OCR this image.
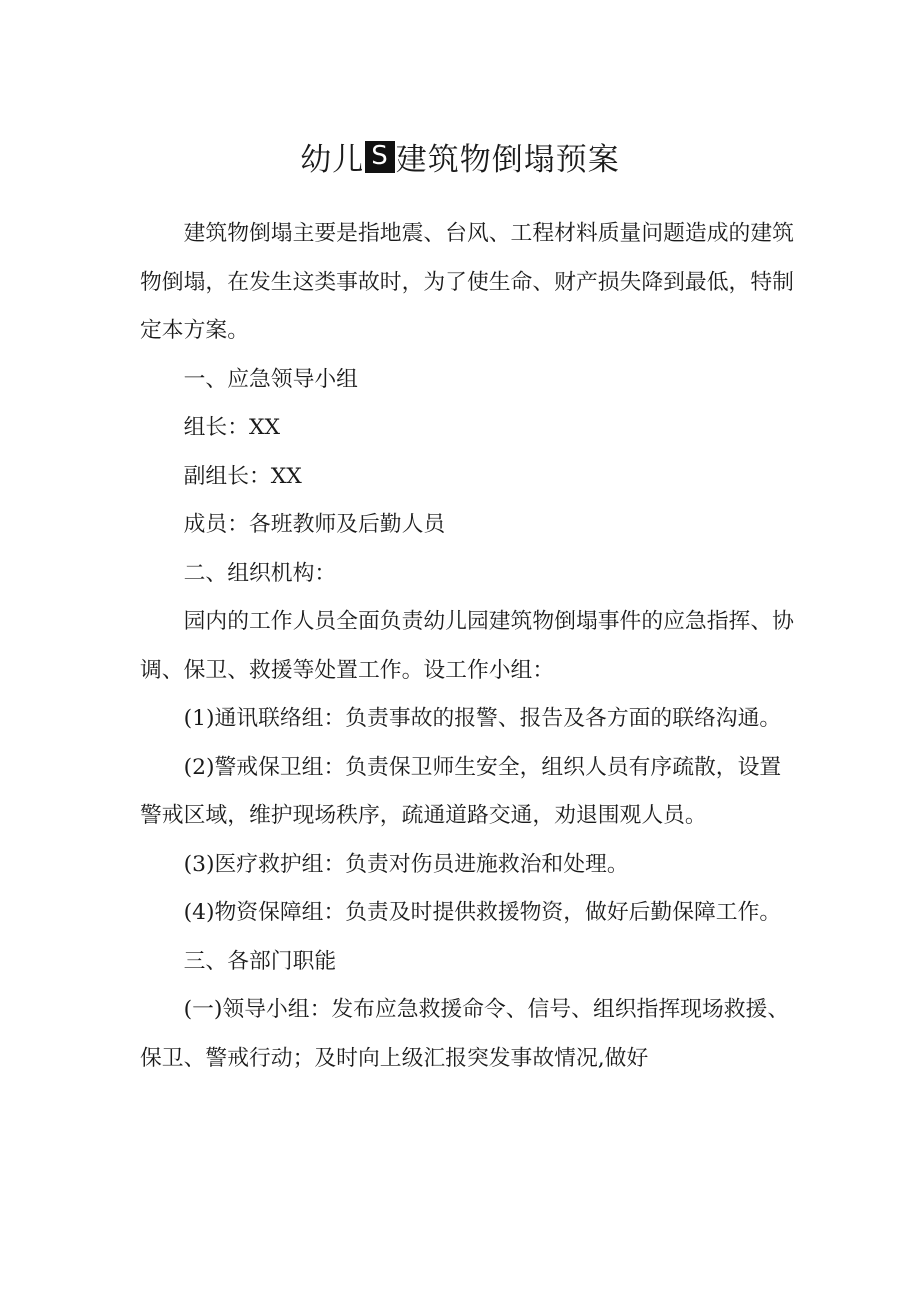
幼儿 S 建筑物倒塌预案

建筑物倒塌主要是指地震、台风、工程材料质量问题造成的建筑物倒塌，在发生这类事故时，为了使生命、财产损失降到最低，特制定本方案。

一、应急领导小组

组长：XX

副组长：XX

成员：各班教师及后勤人员

二、组织机构：

园内的工作人员全面负责幼儿园建筑物倒塌事件的应急指挥、协调、保卫、救援等处置工作。设工作小组：

(1)通讯联络组：负责事故的报警、报告及各方面的联络沟通。

(2)警戒保卫组：负责保卫师生安全，组织人员有序疏散，设置警戒区域，维护现场秩序，疏通道路交通，劝退围观人员。

(3)医疗救护组：负责对伤员进施救治和处理。

(4)物资保障组：负责及时提供救援物资，做好后勤保障工作。

三、各部门职能

(一)领导小组：发布应急救援命令、信号、组织指挥现场救援、保卫、警戒行动；及时向上级汇报突发事故情况,做好
